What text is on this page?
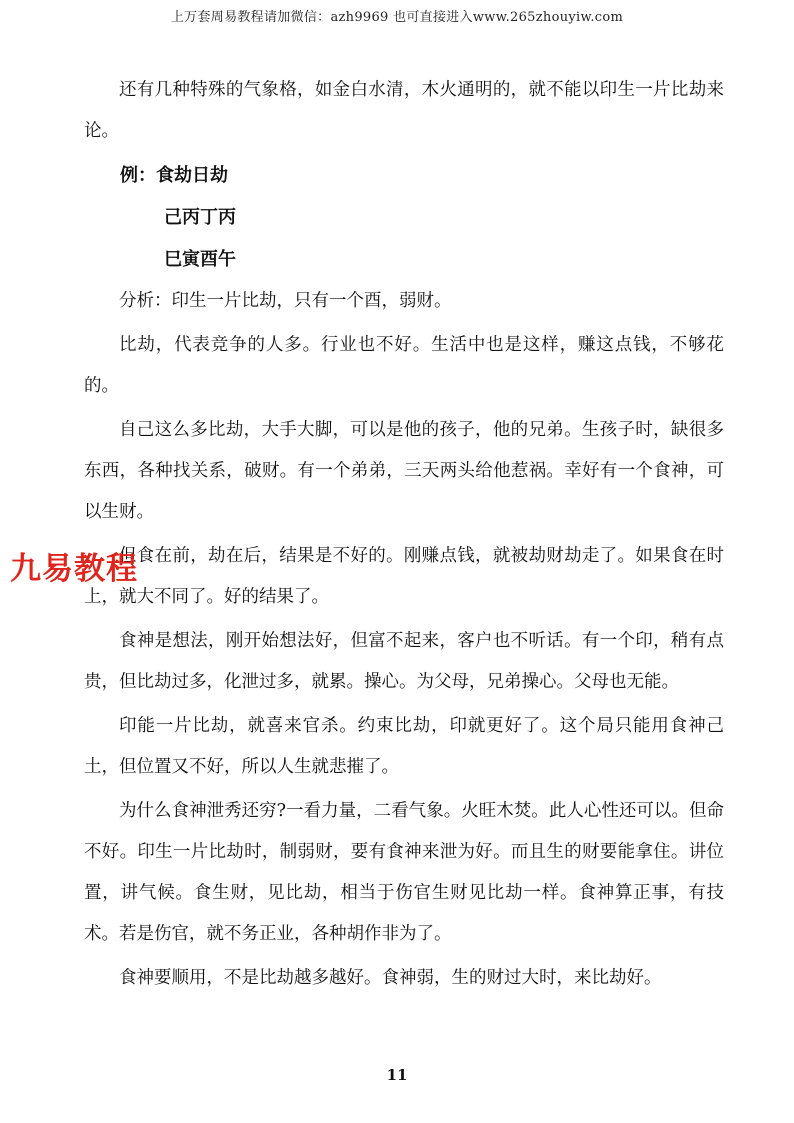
上万套周易教程请加微信：azh9969 也可直接进入www.265zhouyiw.com

还有几种特殊的气象格，如金白水清，木火通明的，就不能以印生一片比劫来论。

例：食劫日劫

己丙丁丙

巳寅酉午

分析：印生一片比劫，只有一个酉，弱财。

比劫，代表竞争的人多。行业也不好。生活中也是这样，赚这点钱，不够花的。

自己这么多比劫，大手大脚，可以是他的孩子，他的兄弟。生孩子时，缺很多东西，各种找关系，破财。有一个弟弟，三天两头给他惹祸。幸好有一个食神，可以生财。

但食在前，劫在后，结果是不好的。刚赚点钱，就被劫财劫走了。如果食在时上，就大不同了。好的结果了。

食神是想法，刚开始想法好，但富不起来，客户也不听话。有一个印，稍有点贵，但比劫过多，化泄过多，就累。操心。为父母，兄弟操心。父母也无能。

印能一片比劫，就喜来官杀。约束比劫，印就更好了。这个局只能用食神己土，但位置又不好，所以人生就悲摧了。

为什么食神泄秀还穷?一看力量，二看气象。火旺木焚。此人心性还可以。但命不好。印生一片比劫时，制弱财，要有食神来泄为好。而且生的财要能拿住。讲位置，讲气候。食生财，见比劫，相当于伤官生财见比劫一样。食神算正事，有技术。若是伤官，就不务正业，各种胡作非为了。

食神要顺用，不是比劫越多越好。食神弱，生的财过大时，来比劫好。

九易教程
11
